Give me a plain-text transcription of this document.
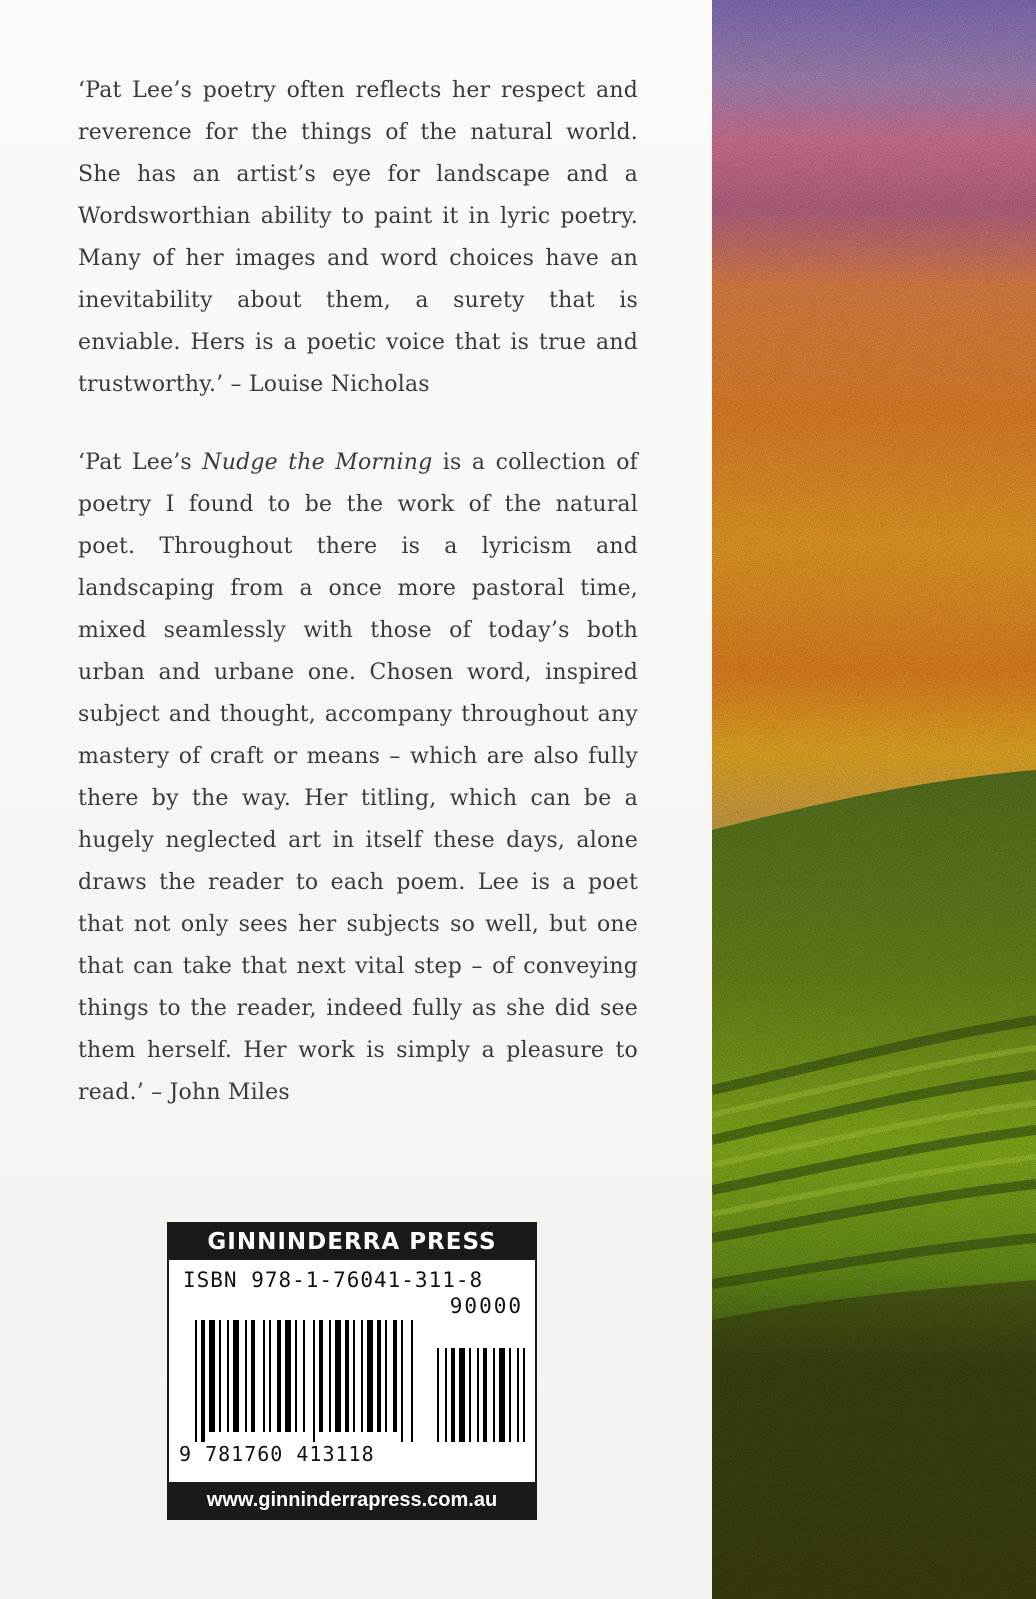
‘Pat Lee’s poetry often reflects her respect and reverence for the things of the natural world. She has an artist’s eye for landscape and a Wordsworthian ability to paint it in lyric poetry. Many of her images and word choices have an inevitability about them, a surety that is enviable. Hers is a poetic voice that is true and trustworthy.’ – Louise Nicholas

‘Pat Lee’s Nudge the Morning is a collection of poetry I found to be the work of the natural poet. Throughout there is a lyricism and landscaping from a once more pastoral time, mixed seamlessly with those of today’s both urban and urbane one. Chosen word, inspired subject and thought, accompany throughout any mastery of craft or means – which are also fully there by the way. Her titling, which can be a hugely neglected art in itself these days, alone draws the reader to each poem. Lee is a poet that not only sees her subjects so well, but one that can take that next vital step – of conveying things to the reader, indeed fully as she did see them herself. Her work is simply a pleasure to read.’ – John Miles

GINNINDERRA PRESS
ISBN 978-1-76041-311-8
90000
9 781760 413118
www.ginninderrapress.com.au
